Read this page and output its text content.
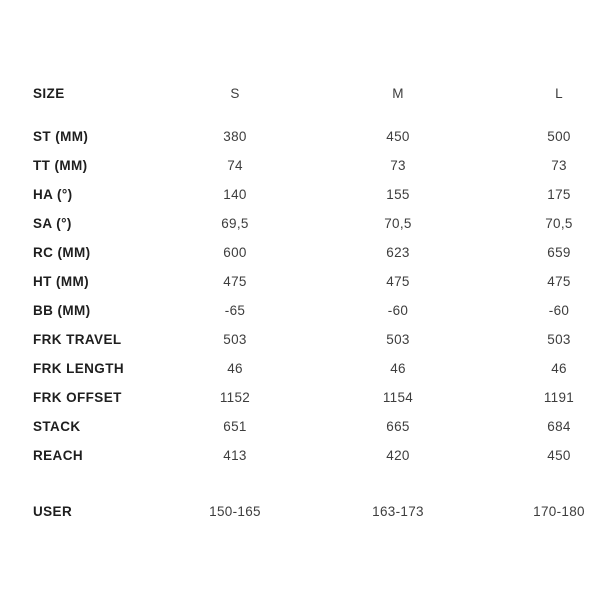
SIZE	S	M	L
ST (MM)	380	450	500
TT (MM)	74	73	73
HA (°)	140	155	175
SA (°)	69,5	70,5	70,5
RC (MM)	600	623	659
HT (MM)	475	475	475
BB (MM)	-65	-60	-60
FRK TRAVEL	503	503	503
FRK LENGTH	46	46	46
FRK OFFSET	1152	1154	1191
STACK	651	665	684
REACH	413	420	450
USER	150-165	163-173	170-180
